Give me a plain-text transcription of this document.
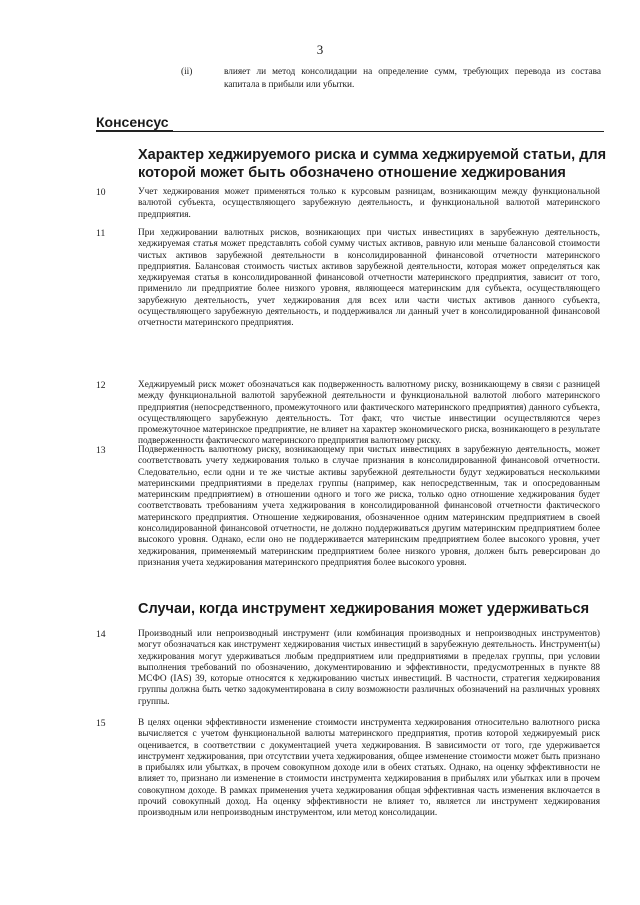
3
(ii)	влияет ли метод консолидации на определение сумм, требующих перевода из состава капитала в прибыли или убытки.
Консенсус
Характер хеджируемого риска и сумма хеджируемой статьи, для которой может быть обозначено отношение хеджирования
10	Учет хеджирования может применяться только к курсовым разницам, возникающим между функциональной валютой субъекта, осуществляющего зарубежную деятельность, и функциональной валютой материнского предприятия.
11	При хеджировании валютных рисков, возникающих при чистых инвестициях в зарубежную деятельность, хеджируемая статья может представлять собой сумму чистых активов, равную или меньше балансовой стоимости чистых активов зарубежной деятельности в консолидированной финансовой отчетности материнского предприятия. Балансовая стоимость чистых активов зарубежной деятельности, которая может определяться как хеджируемая статья в консолидированной финансовой отчетности материнского предприятия, зависит от того, применило ли предприятие более низкого уровня, являющееся материнским для субъекта, осуществляющего зарубежную деятельность, учет хеджирования для всех или части чистых активов данного субъекта, осуществляющего зарубежную деятельность, и поддерживался ли данный учет в консолидированной финансовой отчетности материнского предприятия.
12	Хеджируемый риск может обозначаться как подверженность валютному риску, возникающему в связи с разницей между функциональной валютой зарубежной деятельности и функциональной валютой любого материнского предприятия (непосредственного, промежуточного или фактического материнского предприятия) данного субъекта, осуществляющего зарубежную деятельность. Тот факт, что чистые инвестиции осуществляются через промежуточное материнское предприятие, не влияет на характер экономического риска, возникающего в результате подверженности фактического материнского предприятия валютному риску.
13	Подверженность валютному риску, возникающему при чистых инвестициях в зарубежную деятельность, может соответствовать учету хеджирования только в случае признания в консолидированной финансовой отчетности. Следовательно, если одни и те же чистые активы зарубежной деятельности будут хеджироваться несколькими материнскими предприятиями в пределах группы (например, как непосредственным, так и опосредованным материнским предприятием) в отношении одного и того же риска, только одно отношение хеджирования будет соответствовать требованиям учета хеджирования в консолидированной финансовой отчетности фактического материнского предприятия. Отношение хеджирования, обозначенное одним материнским предприятием в своей консолидированной финансовой отчетности, не должно поддерживаться другим материнским предприятием более высокого уровня. Однако, если оно не поддерживается материнским предприятием более высокого уровня, учет хеджирования, применяемый материнским предприятием более низкого уровня, должен быть реверсирован до признания учета хеджирования материнского предприятия более высокого уровня.
Случаи, когда инструмент хеджирования может удерживаться
14	Производный или непроизводный инструмент (или комбинация производных и непроизводных инструментов) могут обозначаться как инструмент хеджирования чистых инвестиций в зарубежную деятельность. Инструмент(ы) хеджирования могут удерживаться любым предприятием или предприятиями в пределах группы, при условии выполнения требований по обозначению, документированию и эффективности, предусмотренных в пункте 88 МСФО (IAS) 39, которые относятся к хеджированию чистых инвестиций. В частности, стратегия хеджирования группы должна быть четко задокументирована в силу возможности различных обозначений на различных уровнях группы.
15	В целях оценки эффективности изменение стоимости инструмента хеджирования относительно валютного риска вычисляется с учетом функциональной валюты материнского предприятия, против которой хеджируемый риск оценивается, в соответствии с документацией учета хеджирования. В зависимости от того, где удерживается инструмент хеджирования, при отсутствии учета хеджирования, общее изменение стоимости может быть признано в прибылях или убытках, в прочем совокупном доходе или в обеих статьях. Однако, на оценку эффективности не влияет то, признано ли изменение в стоимости инструмента хеджирования в прибылях или убытках или в прочем совокупном доходе. В рамках применения учета хеджирования общая эффективная часть изменения включается в прочий совокупный доход. На оценку эффективности не влияет то, является ли инструмент хеджирования производным или непроизводным инструментом, или метод консолидации.
